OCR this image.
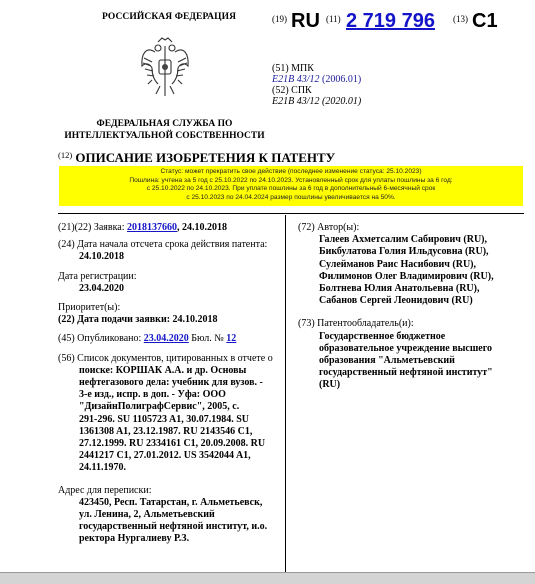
РОССИЙСКАЯ ФЕДЕРАЦИЯ
ФЕДЕРАЛЬНАЯ СЛУЖБА ПО ИНТЕЛЛЕКТУАЛЬНОЙ СОБСТВЕННОСТИ
(19) RU (11) 2 719 796 (13) C1
(51) МПК
E21B 43/12 (2006.01)
(52) СПК
E21B 43/12 (2020.01)
$^{(12)}$ ОПИСАНИЕ ИЗОБРЕТЕНИЯ К ПАТЕНТУ
Статус: может прекратить свое действие (последнее изменение статуса: 25.10.2023)
Пошлина: учтена за 5 год с 25.10.2022 по 24.10.2023. Установленный срок для уплаты пошлины за 6 год:
с 25.10.2022 по 24.10.2023. При уплате пошлины за 6 год в дополнительный 6-месячный срок
с 25.10.2023 по 24.04.2024 размер пошлины увеличивается на 50%.

(21)(22) Заявка: 2018137660, 24.10.2018

(24) Дата начала отсчета срока действия патента:

24.10.2018

Дата регистрации:

23.04.2020

Приоритет(ы):

(22) Дата подачи заявки: 24.10.2018

(45) Опубликовано: 23.04.2020 Бюл. № 12

(56) Список документов, цитированных в отчете о

поиске: КОРШАК А.А. и др. Основы

нефтегазового дела: учебник для вузов. -

3-е изд., испр. в доп. - Уфа: ООО

"ДизайнПолиграфСервис", 2005, с.

291-296. SU 1105723 A1, 30.07.1984. SU

1361308 A1, 23.12.1987. RU 2143546 C1,

27.12.1999. RU 2334161 C1, 20.09.2008. RU

2441217 C1, 27.01.2012. US 3542044 A1,

24.11.1970.

Адрес для переписки:

423450, Респ. Татарстан, г. Альметьевск,

ул. Ленина, 2, Альметьевский

государственный нефтяной институт, и.о.

ректора Нургалиеву Р.З.

(72) Автор(ы):

Галеев Ахметсалим Сабирович (RU),

Бикбулатова Голия Ильдусовна (RU),

Сулейманов Раис Насибович (RU),

Филимонов Олег Владимирович (RU),

Болтнева Юлия Анатольевна (RU),

Сабанов Сергей Леонидович (RU)

(73) Патентообладатель(и):

Государственное бюджетное

образовательное учреждение высшего

образования "Альметьевский

государственный нефтяной институт"

(RU)
